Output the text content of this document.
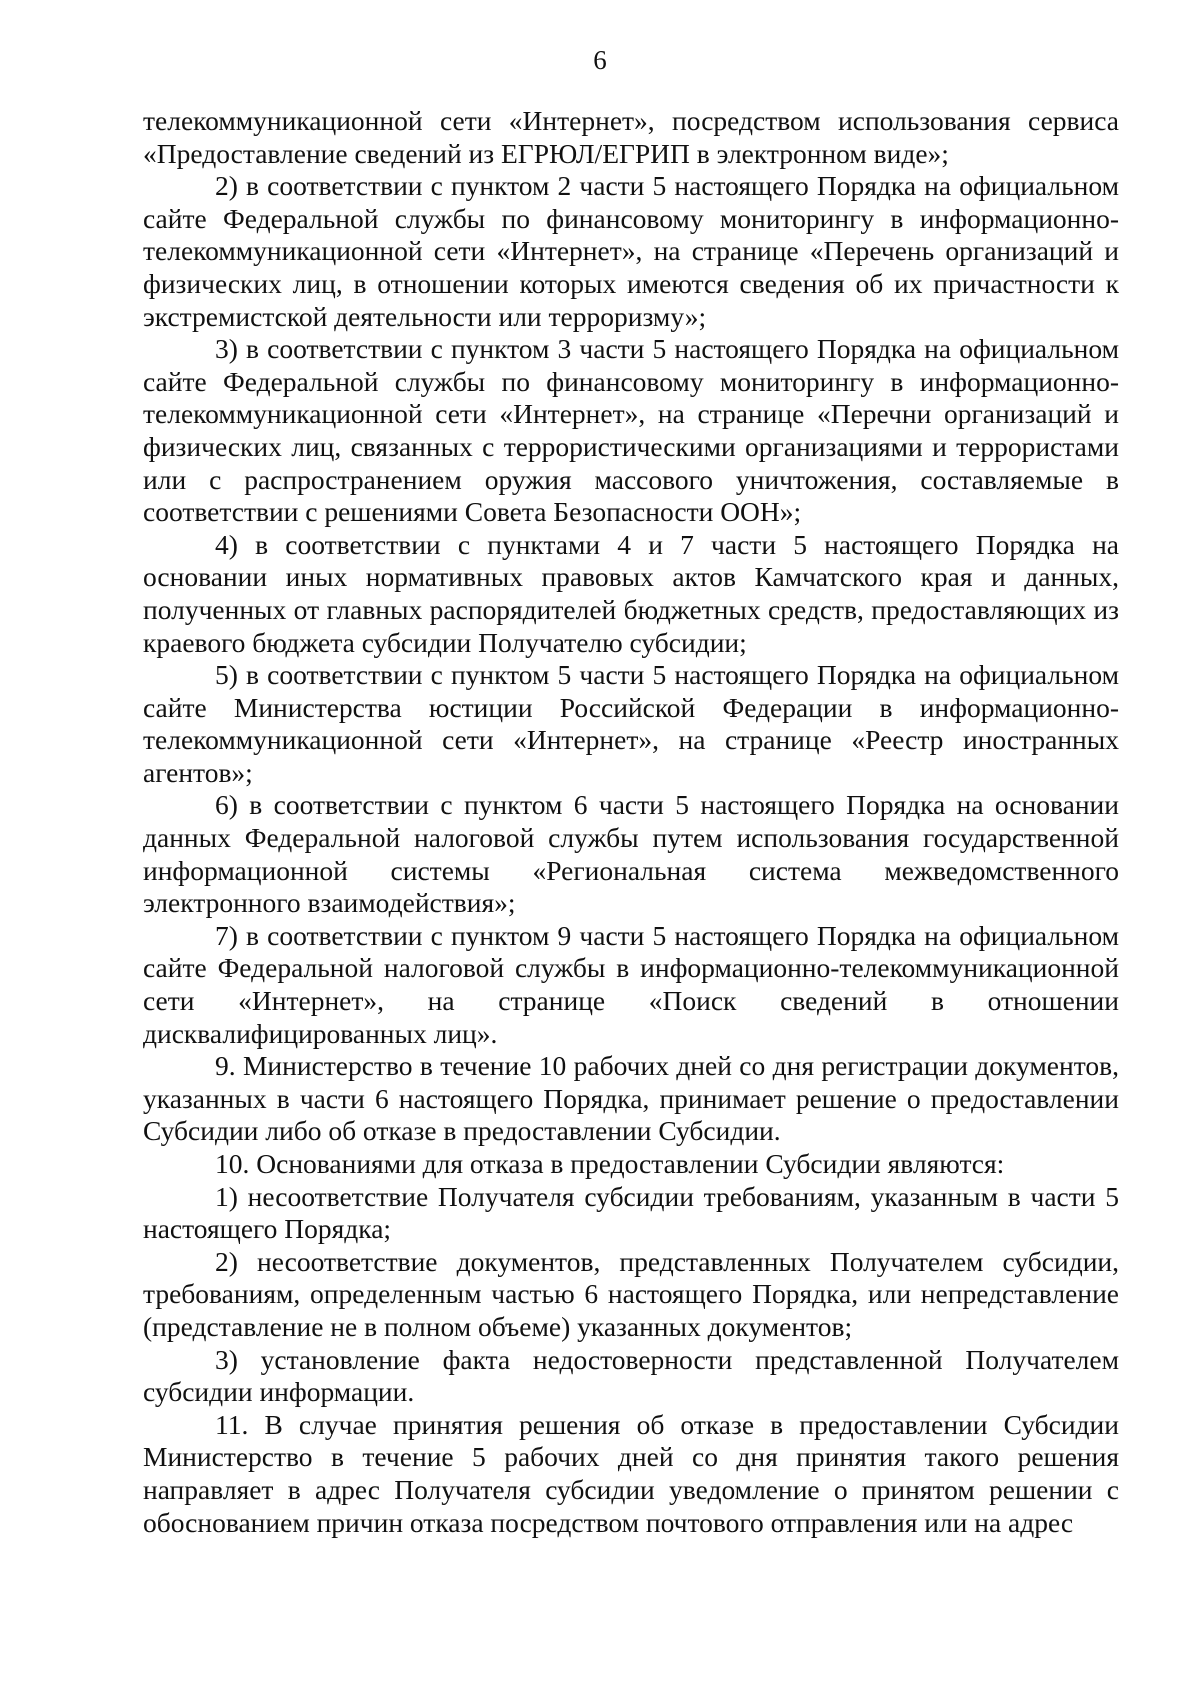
6

телекоммуникационной сети «Интернет», посредством использования сервиса «Предоставление сведений из ЕГРЮЛ/ЕГРИП в электронном виде»;

2) в соответствии с пунктом 2 части 5 настоящего Порядка на официальном сайте Федеральной службы по финансовому мониторингу в информационно-телекоммуникационной сети «Интернет», на странице «Перечень организаций и физических лиц, в отношении которых имеются сведения об их причастности к экстремистской деятельности или терроризму»;

3) в соответствии с пунктом 3 части 5 настоящего Порядка на официальном сайте Федеральной службы по финансовому мониторингу в информационно-телекоммуникационной сети «Интернет», на странице «Перечни организаций и физических лиц, связанных с террористическими организациями и террористами или с распространением оружия массового уничтожения, составляемые в соответствии с решениями Совета Безопасности ООН»;

4) в соответствии с пунктами 4 и 7 части 5 настоящего Порядка на основании иных нормативных правовых актов Камчатского края и данных, полученных от главных распорядителей бюджетных средств, предоставляющих из краевого бюджета субсидии Получателю субсидии;

5) в соответствии с пунктом 5 части 5 настоящего Порядка на официальном сайте Министерства юстиции Российской Федерации в информационно-телекоммуникационной сети «Интернет», на странице «Реестр иностранных агентов»;

6) в соответствии с пунктом 6 части 5 настоящего Порядка на основании данных Федеральной налоговой службы путем использования государственной информационной системы «Региональная система межведомственного электронного взаимодействия»;

7) в соответствии с пунктом 9 части 5 настоящего Порядка на официальном сайте Федеральной налоговой службы в информационно-телекоммуникационной сети «Интернет», на странице «Поиск сведений в отношении дисквалифицированных лиц».

9. Министерство в течение 10 рабочих дней со дня регистрации документов, указанных в части 6 настоящего Порядка, принимает решение о предоставлении Субсидии либо об отказе в предоставлении Субсидии.

10. Основаниями для отказа в предоставлении Субсидии являются:

1) несоответствие Получателя субсидии требованиям, указанным в части 5 настоящего Порядка;

2) несоответствие документов, представленных Получателем субсидии, требованиям, определенным частью 6 настоящего Порядка, или непредставление (представление не в полном объеме) указанных документов;

3) установление факта недостоверности представленной Получателем субсидии информации.

11. В случае принятия решения об отказе в предоставлении Субсидии Министерство в течение 5 рабочих дней со дня принятия такого решения направляет в адрес Получателя субсидии уведомление о принятом решении с обоснованием причин отказа посредством почтового отправления или на адрес
